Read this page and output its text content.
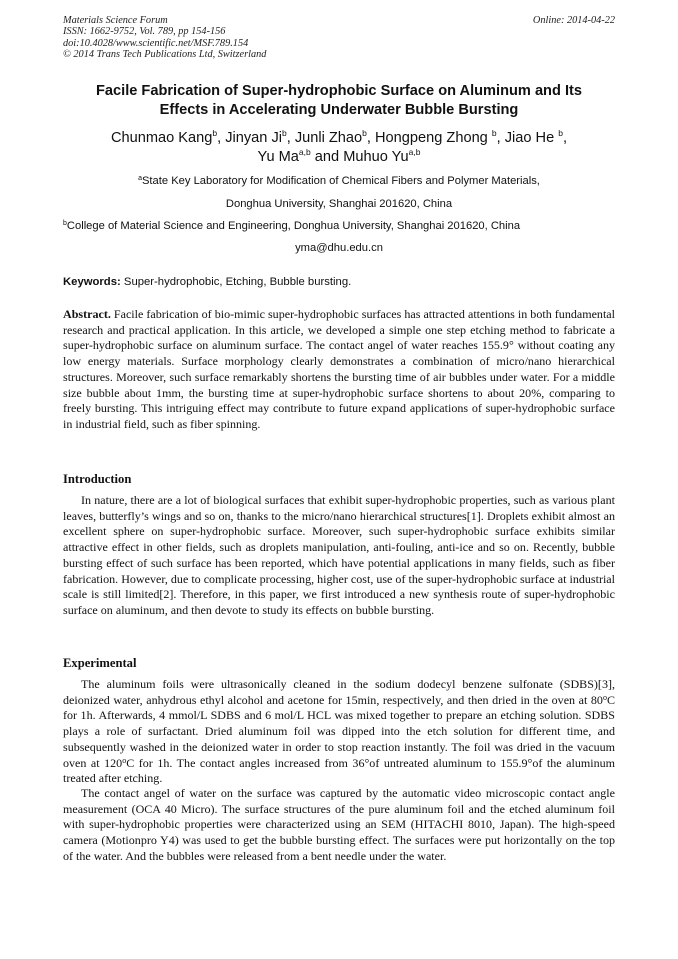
Materials Science Forum
ISSN: 1662-9752, Vol. 789, pp 154-156
doi:10.4028/www.scientific.net/MSF.789.154
© 2014 Trans Tech Publications Ltd, Switzerland
Online: 2014-04-22
Facile Fabrication of Super-hydrophobic Surface on Aluminum and Its
Effects in Accelerating Underwater Bubble Bursting
Chunmao Kang$^b$, Jinyan Ji$^b$, Junli Zhao$^b$, Hongpeng Zhong $^b$, Jiao He $^b$,
Yu Ma$^{a,b}$ and Muhuo Yu$^{a,b}$
$^a$State Key Laboratory for Modification of Chemical Fibers and Polymer Materials,
Donghua University, Shanghai 201620, China
$^b$College of Material Science and Engineering, Donghua University, Shanghai 201620, China
yma@dhu.edu.cn
Keywords: Super-hydrophobic, Etching, Bubble bursting.

Abstract. Facile fabrication of bio-mimic super-hydrophobic surfaces has attracted attentions in both fundamental research and practical application. In this article, we developed a simple one step etching method to fabricate a super-hydrophobic surface on aluminum surface. The contact angel of water reaches 155.9° without coating any low energy materials. Surface morphology clearly demonstrates a combination of micro/nano hierarchical structures. Moreover, such surface remarkably shortens the bursting time of air bubbles under water. For a middle size bubble about 1mm, the bursting time at super-hydrophobic surface shortens to about 20%, comparing to freely bursting. This intriguing effect may contribute to future expand applications of super-hydrophobic surface in industrial field, such as fiber spinning.

Introduction

In nature, there are a lot of biological surfaces that exhibit super-hydrophobic properties, such as various plant leaves, butterfly’s wings and so on, thanks to the micro/nano hierarchical structures[1]. Droplets exhibit almost an excellent sphere on super-hydrophobic surface. Moreover, such super-hydrophobic surface exhibits similar attractive effect in other fields, such as droplets manipulation, anti-fouling, anti-ice and so on. Recently, bubble bursting effect of such surface has been reported, which have potential applications in many fields, such as fiber fabrication. However, due to complicate processing, higher cost, use of the super-hydrophobic surface at industrial scale is still limited[2]. Therefore, in this paper, we first introduced a new synthesis route of super-hydrophobic surface on aluminum, and then devote to study its effects on bubble bursting.

Experimental

The aluminum foils were ultrasonically cleaned in the sodium dodecyl benzene sulfonate (SDBS)[3], deionized water, anhydrous ethyl alcohol and acetone for 15min, respectively, and then dried in the oven at 80$^o$C for 1h. Afterwards, 4 mmol/L SDBS and 6 mol/L HCL was mixed together to prepare an etching solution. SDBS plays a role of surfactant. Dried aluminum foil was dipped into the etch solution for different time, and subsequently washed in the deionized water in order to stop reaction instantly. The foil was dried in the vacuum oven at 120$^o$C for 1h. The contact angles increased from 36°of untreated aluminum to 155.9°of the aluminum treated after etching.

The contact angel of water on the surface was captured by the automatic video microscopic contact angle measurement (OCA 40 Micro). The surface structures of the pure aluminum foil and the etched aluminum foil with super-hydrophobic properties were characterized using an SEM (HITACHI 8010, Japan). The high-speed camera (Motionpro Y4) was used to get the bubble bursting effect. The surfaces were put horizontally on the top of the water. And the bubbles were released from a bent needle under the water.
